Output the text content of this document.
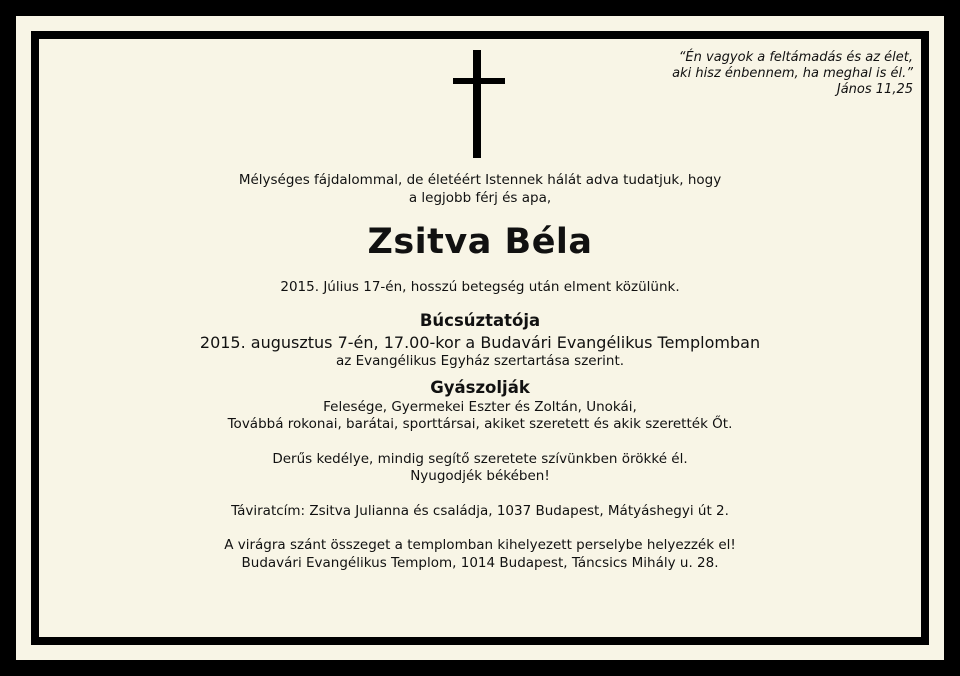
“Én vagyok a feltámadás és az élet,
aki hisz énbennem, ha meghal is él.”
János 11,25

Mélységes fájdalommal, de életéért Istennek hálát adva tudatjuk, hogy

a legjobb férj és apa,

Zsitva Béla

2015. Július 17-én, hosszú betegség után elment közülünk.

Búcsúztatója

2015. augusztus 7-én, 17.00-kor a Budavári Evangélikus Templomban

az Evangélikus Egyház szertartása szerint.

Gyászolják

Felesége, Gyermekei Eszter és Zoltán, Unokái,

Továbbá rokonai, barátai, sporttársai, akiket szeretett és akik szerették Őt.

Derűs kedélye, mindig segítő szeretete szívünkben örökké él.

Nyugodjék békében!

Táviratcím: Zsitva Julianna és családja, 1037 Budapest, Mátyáshegyi út 2.

A virágra szánt összeget a templomban kihelyezett perselybe helyezzék el!

Budavári Evangélikus Templom, 1014 Budapest, Táncsics Mihály u. 28.
